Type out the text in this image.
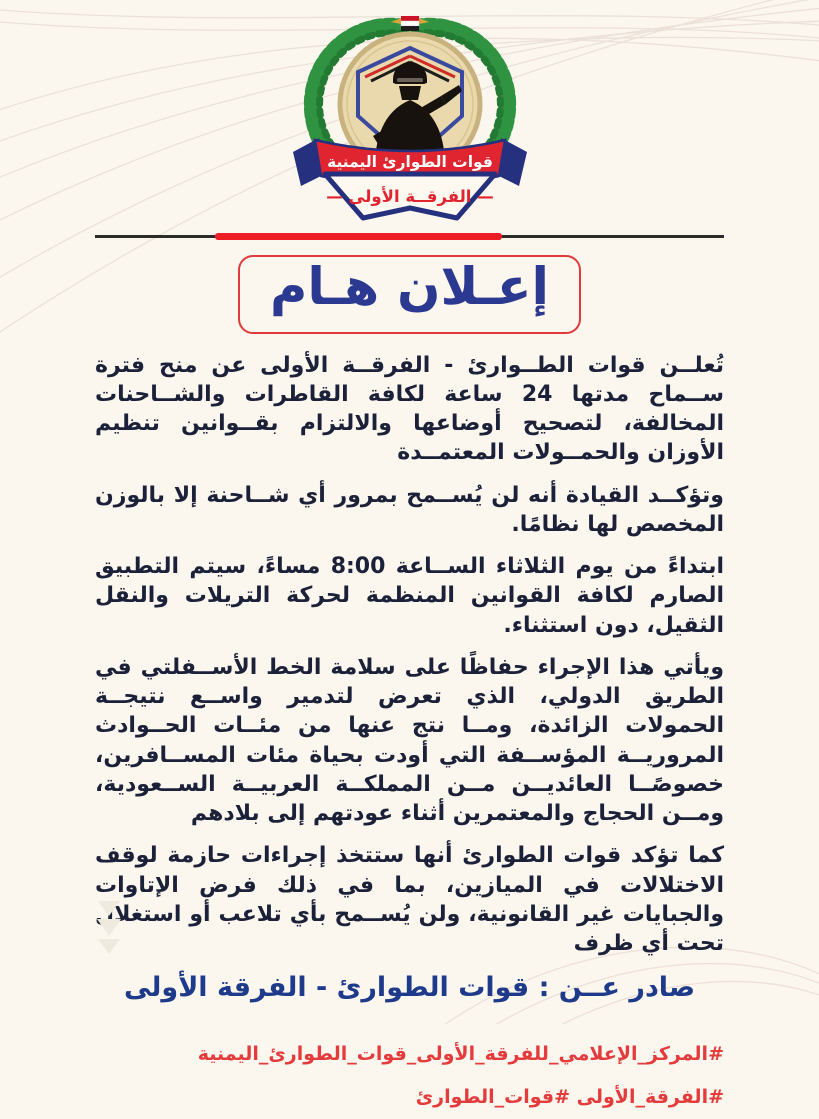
قوات الطوارئ اليمنية
— الفرقــة الأولى —
إعـلان هـام

تُعلــن قوات الطــوارئ - الفرقــة الأولى عن منح فترة ســماح مدتها 24 ساعة لكافة القاطرات والشــاحنات المخالفة، لتصحيح أوضاعها والالتزام بقــوانين تنظيم الأوزان والحمــولات المعتمــدة

وتؤكــد القيادة أنه لن يُســمح بمرور أي شــاحنة إلا بالوزن المخصص لها نظامًا.

ابتداءً من يوم الثلاثاء الســاعة 8:00 مساءً، سيتم التطبيق الصارم لكافة القوانين المنظمة لحركة التريلات والنقل الثقيل، دون استثناء.

ويأتي هذا الإجراء حفاظًا على سلامة الخط الأســفلتي في الطريق الدولي، الذي تعرض لتدمير واســع نتيجــة الحمولات الزائدة، ومــا نتج عنها من مئــات الحــوادث المروريــة المؤســفة التي أودت بحياة مئات المســافرين، خصوصًــا العائديــن مــن المملكــة العربيــة الســعودية، ومــن الحجاج والمعتمرين أثناء عودتهم إلى بلادهم

كما تؤكد قوات الطوارئ أنها ستتخذ إجراءات حازمة لوقف الاختلالات في الميازين، بما في ذلك فرض الإتاوات والجبايات غير القانونية، ولن يُســمح بأي تلاعب أو استغلال تحت أي ظرف

صادر عــن : قوات الطوارئ - الفرقة الأولى
#المركز_الإعلامي_للفرقة_الأولى_قوات_الطوارئ_اليمنية
#الفرقة_الأولى #قوات_الطوارئ
